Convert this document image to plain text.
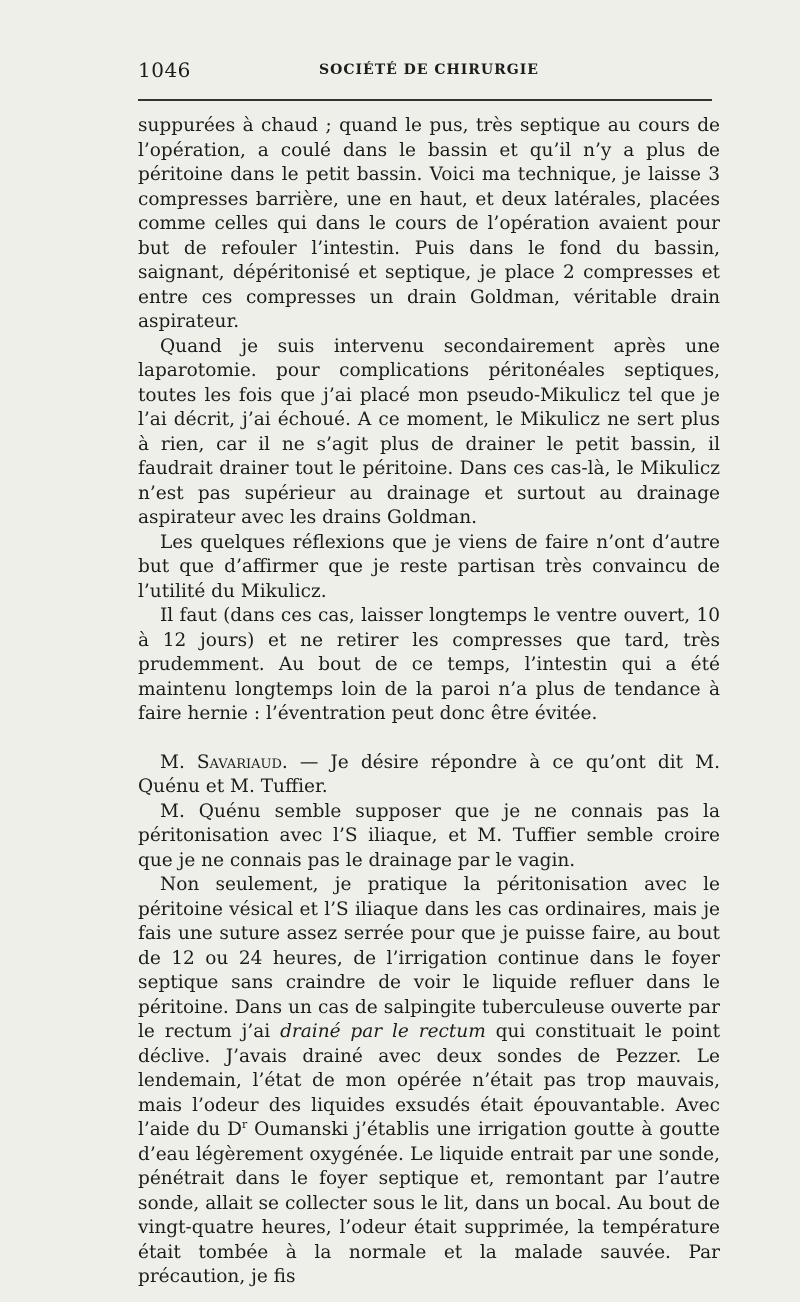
1046	SOCIÉTÉ DE CHIRURGIE

suppurées à chaud ; quand le pus, très septique au cours de l’opération, a coulé dans le bassin et qu’il n’y a plus de péritoine dans le petit bassin. Voici ma technique, je laisse 3 compresses barrière, une en haut, et deux latérales, placées comme celles qui dans le cours de l’opération avaient pour but de refouler l’intestin. Puis dans le fond du bassin, saignant, dépéritonisé et septique, je place 2 compresses et entre ces compresses un drain Goldman, véritable drain aspirateur.

Quand je suis intervenu secondairement après une laparotomie. pour complications péritonéales septiques, toutes les fois que j’ai placé mon pseudo-Mikulicz tel que je l’ai décrit, j’ai échoué. A ce moment, le Mikulicz ne sert plus à rien, car il ne s’agit plus de drainer le petit bassin, il faudrait drainer tout le péritoine. Dans ces cas-là, le Mikulicz n’est pas supérieur au drainage et surtout au drainage aspirateur avec les drains Goldman.

Les quelques réflexions que je viens de faire n’ont d’autre but que d’affirmer que je reste partisan très convaincu de l’utilité du Mikulicz.

Il faut (dans ces cas, laisser longtemps le ventre ouvert, 10 à 12 jours) et ne retirer les compresses que tard, très prudemment. Au bout de ce temps, l’intestin qui a été maintenu longtemps loin de la paroi n’a plus de tendance à faire hernie : l’éventration peut donc être évitée.

M. Savariaud. — Je désire répondre à ce qu’ont dit M. Quénu et M. Tuffier.

M. Quénu semble supposer que je ne connais pas la péritonisation avec l’S iliaque, et M. Tuffier semble croire que je ne connais pas le drainage par le vagin.

Non seulement, je pratique la péritonisation avec le péritoine vésical et l’S iliaque dans les cas ordinaires, mais je fais une suture assez serrée pour que je puisse faire, au bout de 12 ou 24 heures, de l’irrigation continue dans le foyer septique sans craindre de voir le liquide refluer dans le péritoine. Dans un cas de salpingite tuberculeuse ouverte par le rectum j’ai drainé par le rectum qui constituait le point déclive. J’avais drainé avec deux sondes de Pezzer. Le lendemain, l’état de mon opérée n’était pas trop mauvais, mais l’odeur des liquides exsudés était épouvantable. Avec l’aide du $D^r$ Oumanski j’établis une irrigation goutte à goutte d’eau légèrement oxygénée. Le liquide entrait par une sonde, pénétrait dans le foyer septique et, remontant par l’autre sonde, allait se collecter sous le lit, dans un bocal. Au bout de vingt-quatre heures, l’odeur était supprimée, la température était tombée à la normale et la malade sauvée. Par précaution, je fis
